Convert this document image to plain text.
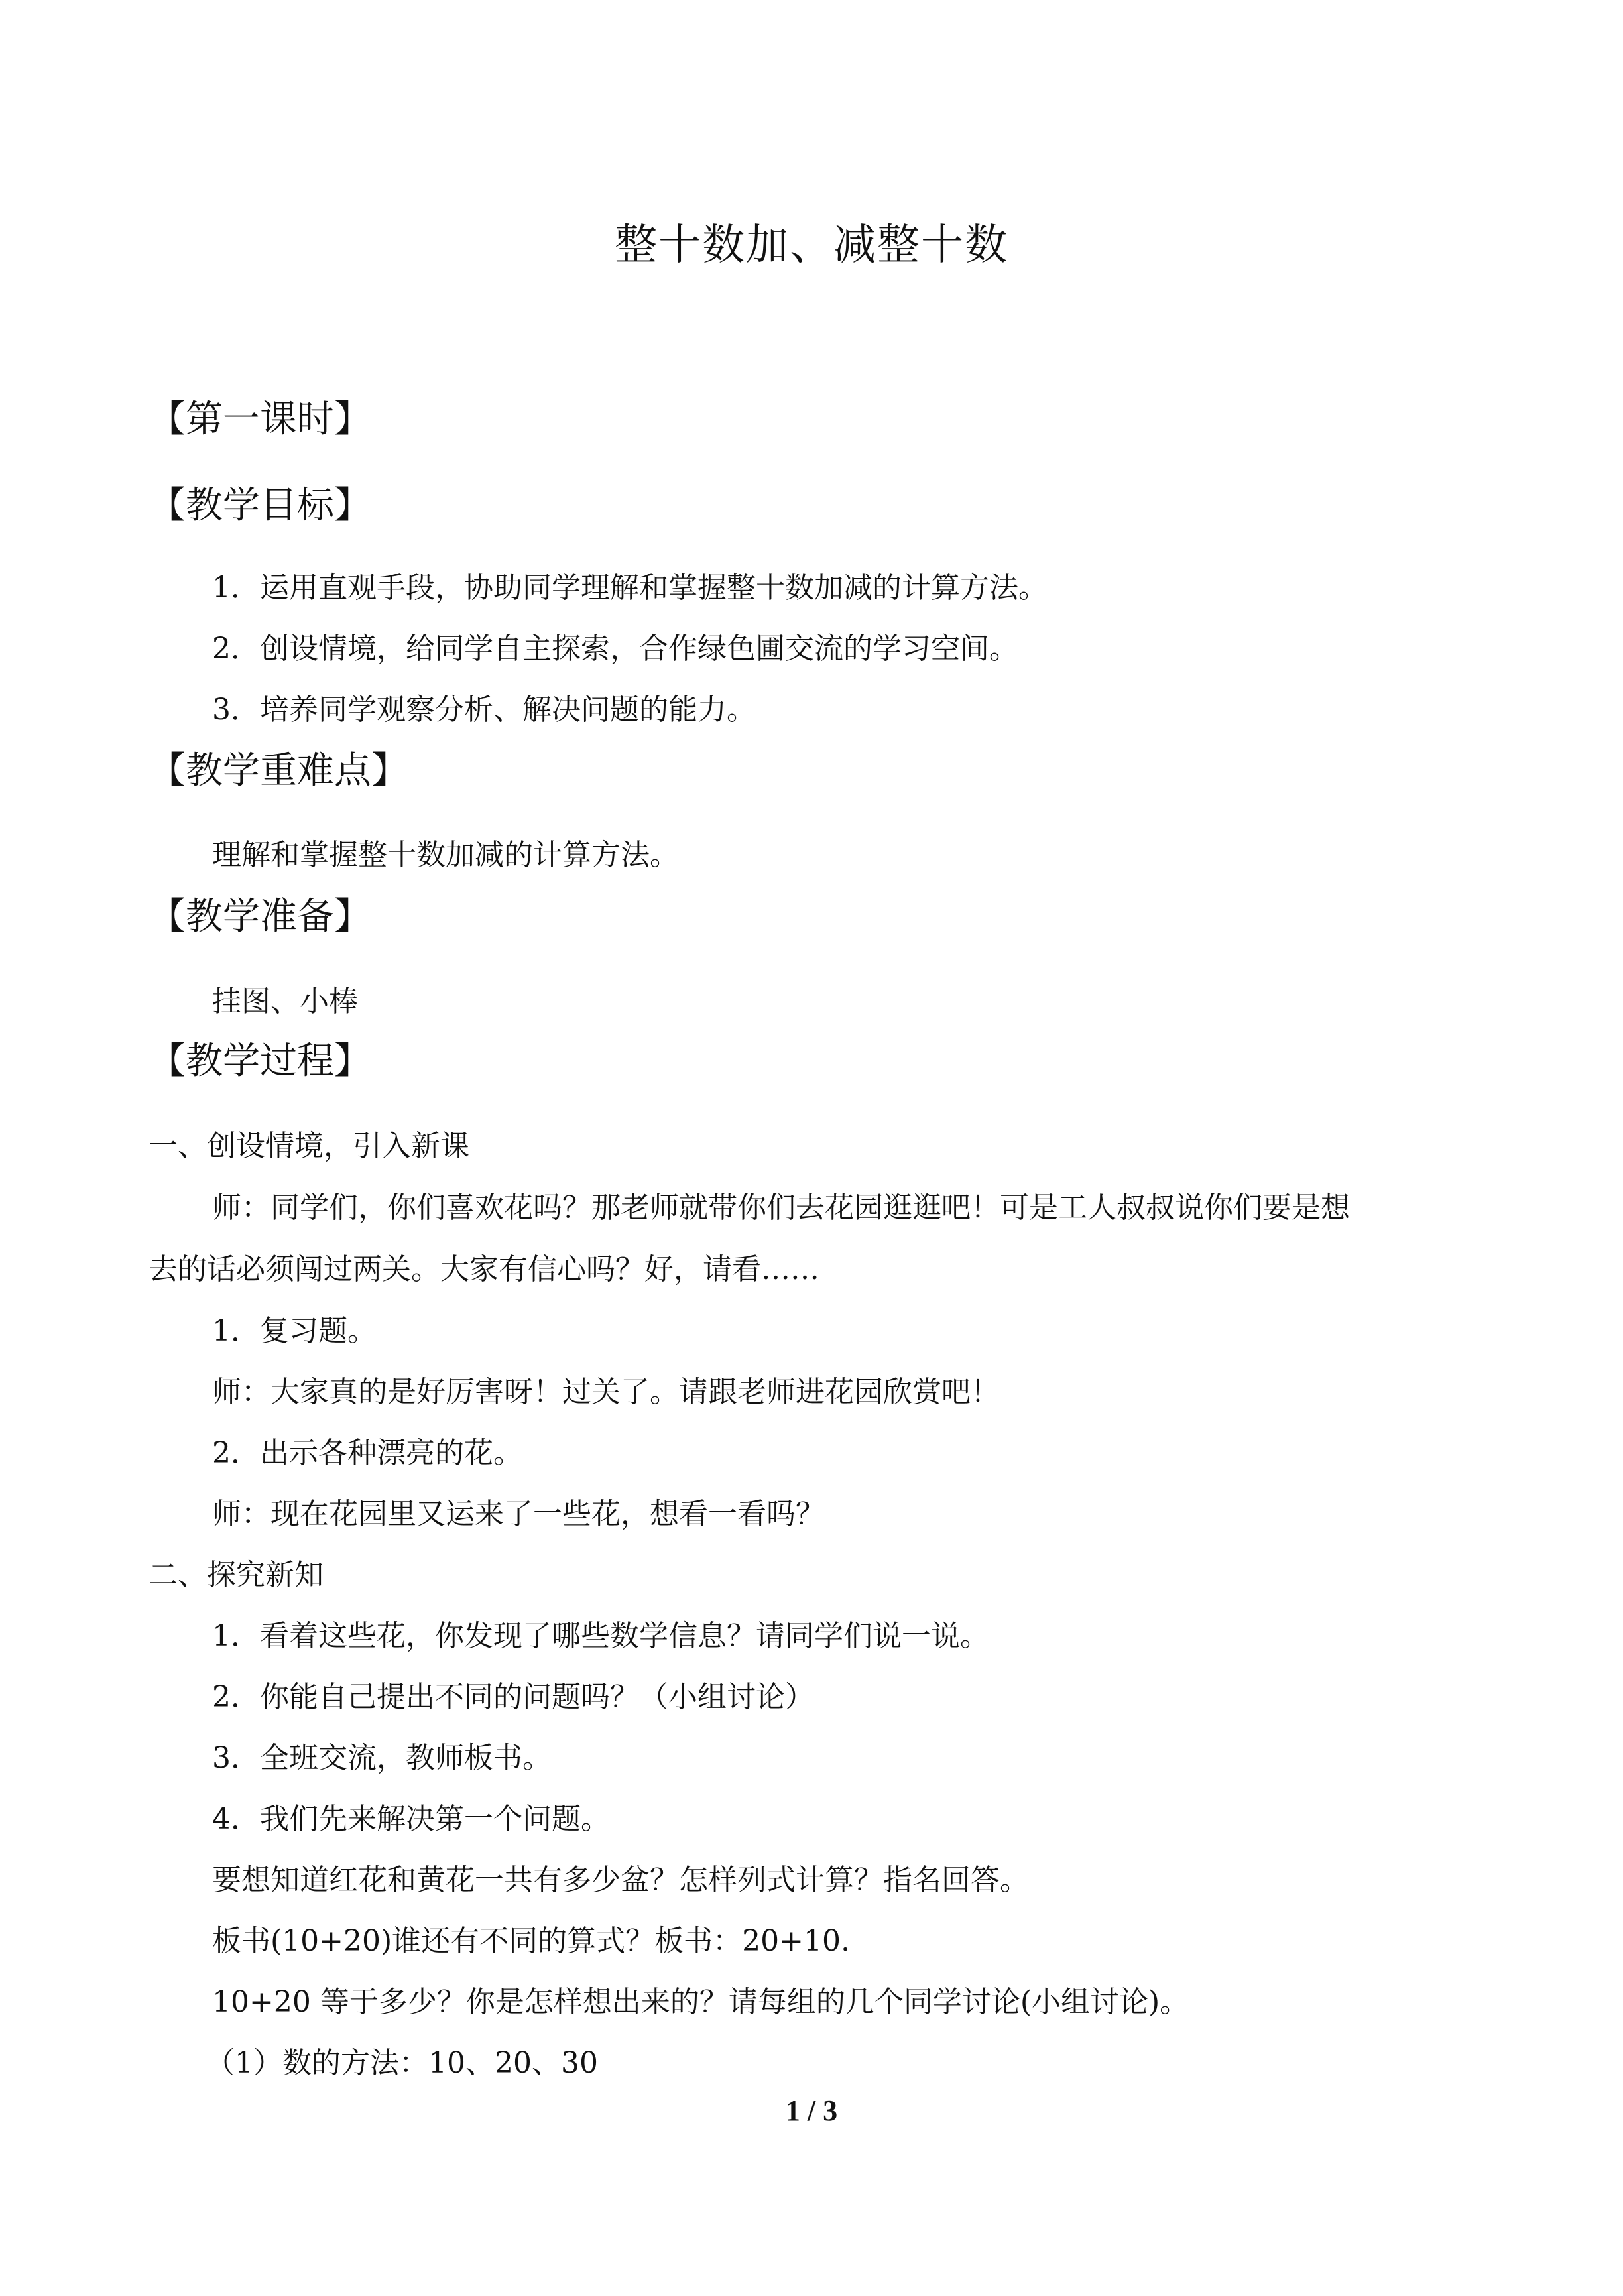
整十数加、减整十数
【第一课时】
【教学目标】
1．运用直观手段，协助同学理解和掌握整十数加减的计算方法。
2．创设情境，给同学自主探索，合作绿色圃交流的学习空间。
3．培养同学观察分析、解决问题的能力。
【教学重难点】
理解和掌握整十数加减的计算方法。
【教学准备】
挂图、小棒
【教学过程】
一、创设情境，引入新课
师：同学们，你们喜欢花吗？那老师就带你们去花园逛逛吧！可是工人叔叔说你们要是想
去的话必须闯过两关。大家有信心吗？好，请看……
1．复习题。
师：大家真的是好厉害呀！过关了。请跟老师进花园欣赏吧！
2．出示各种漂亮的花。
师：现在花园里又运来了一些花，想看一看吗？
二、探究新知
1．看着这些花，你发现了哪些数学信息？请同学们说一说。
2．你能自己提出不同的问题吗？（小组讨论）
3．全班交流，教师板书。
4．我们先来解决第一个问题。
要想知道红花和黄花一共有多少盆？怎样列式计算？指名回答。
板书(10+20)谁还有不同的算式？板书：20+10.
10+20 等于多少？你是怎样想出来的？请每组的几个同学讨论(小组讨论)。
（1）数的方法：10、20、30
1 / 3
